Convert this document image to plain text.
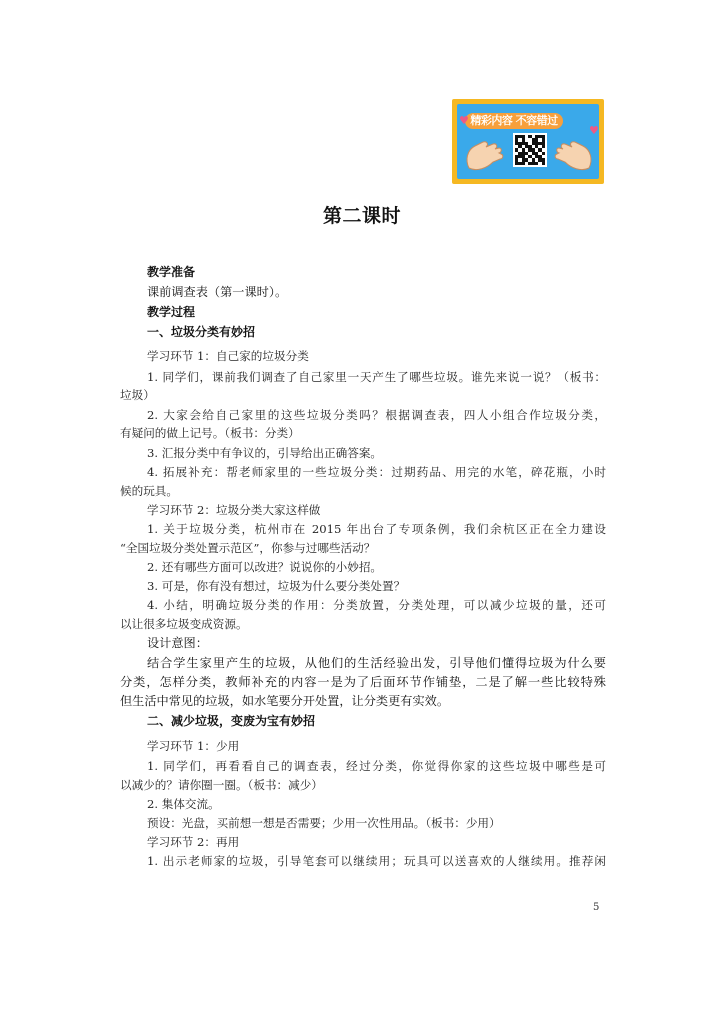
精彩内容 不容错过
♥
♥
第二课时

教学准备

课前调查表（第一课时）。

教学过程

一、垃圾分类有妙招

学习环节 1：自己家的垃圾分类

1. 同学们，课前我们调查了自己家里一天产生了哪些垃圾。谁先来说一说？（板书：

垃圾）

2. 大家会给自己家里的这些垃圾分类吗？根据调查表，四人小组合作垃圾分类，

有疑问的做上记号。（板书：分类）

3. 汇报分类中有争议的，引导给出正确答案。

4. 拓展补充：帮老师家里的一些垃圾分类：过期药品、用完的水笔，碎花瓶，小时

候的玩具。

学习环节 2：垃圾分类大家这样做

1. 关于垃圾分类，杭州市在 2015 年出台了专项条例，我们余杭区正在全力建设

“全国垃圾分类处置示范区”，你参与过哪些活动？

2. 还有哪些方面可以改进？说说你的小妙招。

3. 可是，你有没有想过，垃圾为什么要分类处置？

4. 小结，明确垃圾分类的作用：分类放置，分类处理，可以减少垃圾的量，还可

以让很多垃圾变成资源。

设计意图：

结合学生家里产生的垃圾，从他们的生活经验出发，引导他们懂得垃圾为什么要

分类，怎样分类，教师补充的内容一是为了后面环节作铺垫，二是了解一些比较特殊

但生活中常见的垃圾，如水笔要分开处置，让分类更有实效。

二、减少垃圾，变废为宝有妙招

学习环节 1：少用

1. 同学们，再看看自己的调查表，经过分类，你觉得你家的这些垃圾中哪些是可

以减少的？请你圈一圈。（板书：减少）

2. 集体交流。

预设：光盘，买前想一想是否需要；少用一次性用品。（板书：少用）

学习环节 2：再用

1. 出示老师家的垃圾，引导笔套可以继续用；玩具可以送喜欢的人继续用。推荐闲

5
